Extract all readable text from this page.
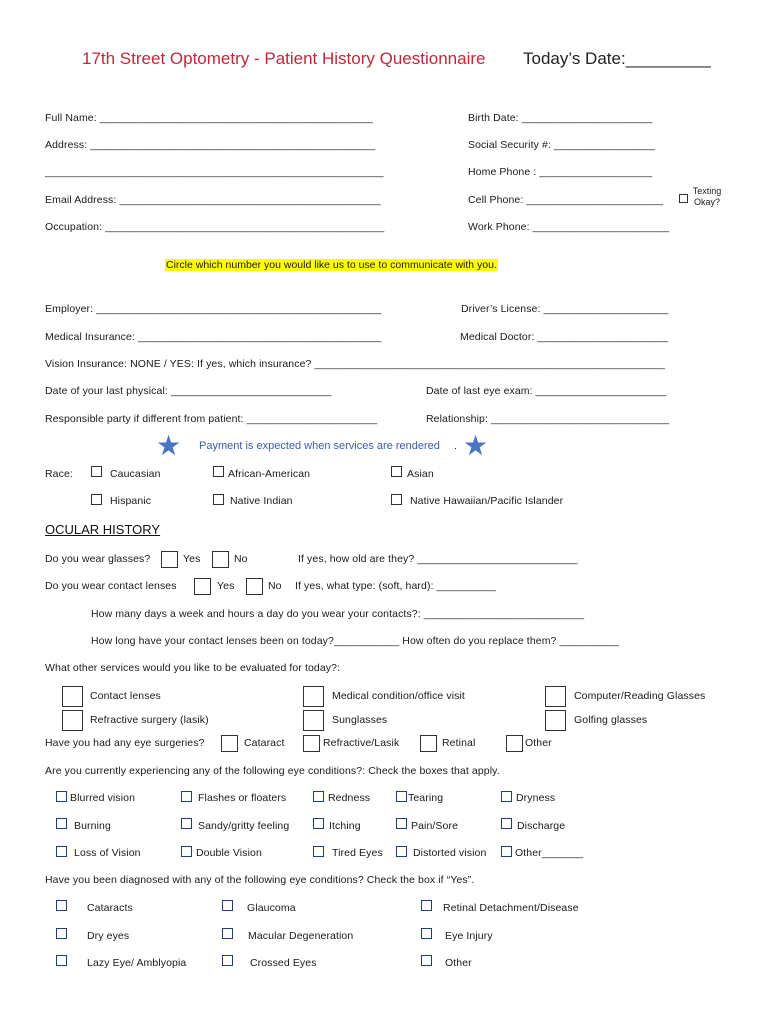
17th Street Optometry - Patient History Questionnaire Today’s Date:_________
Full Name: ______________________________________________	Birth Date: ______________________
Address: ________________________________________________	Social Security #: _________________
_________________________________________________________	Home Phone : ___________________
Email Address: ____________________________________________	Cell Phone: _______________________
Texting
Okay?
Occupation: _______________________________________________	Work Phone: _______________________
Circle which number you would like us to use to communicate with you.
Employer: ________________________________________________	Driver’s License: _____________________
Medical Insurance: _________________________________________	Medical Doctor: ______________________
Vision Insurance: NONE / YES: If yes, which insurance? ___________________________________________________________
Date of your last physical: ___________________________	Date of last eye exam: ______________________
Responsible party if different from patient: ______________________	Relationship: ______________________________
★ Payment is expected when services are rendered . ★
Race:	Caucasian	African-American	Asian
Hispanic	Native Indian	Native Hawaiian/Pacific Islander
OCULAR HISTORY
Do you wear glasses?	Yes	No	If yes, how old are they? ___________________________
Do you wear contact lenses	Yes	No If yes, what type: (soft, hard): __________
How many days a week and hours a day do you wear your contacts?: ___________________________
How long have your contact lenses been on today?___________ How often do you replace them? __________
What other services would you like to be evaluated for today?:
Contact lenses	Medical condition/office visit	Computer/Reading Glasses
Refractive surgery (lasik)	Sunglasses	Golfing glasses
Have you had any eye surgeries?	Cataract	Refractive/Lasik	Retinal	Other
Are you currently experiencing any of the following eye conditions?: Check the boxes that apply.
Blurred vision	Flashes or floaters	Redness	Tearing	Dryness
Burning	Sandy/gritty feeling	Itching	Pain/Sore	Discharge
Loss of Vision	Double Vision	Tired Eyes	Distorted vision	Other_______
Have you been diagnosed with any of the following eye conditions? Check the box if “Yes”.
Cataracts	Glaucoma	Retinal Detachment/Disease
Dry eyes	Macular Degeneration	Eye Injury
Lazy Eye/ Amblyopia	Crossed Eyes	Other
